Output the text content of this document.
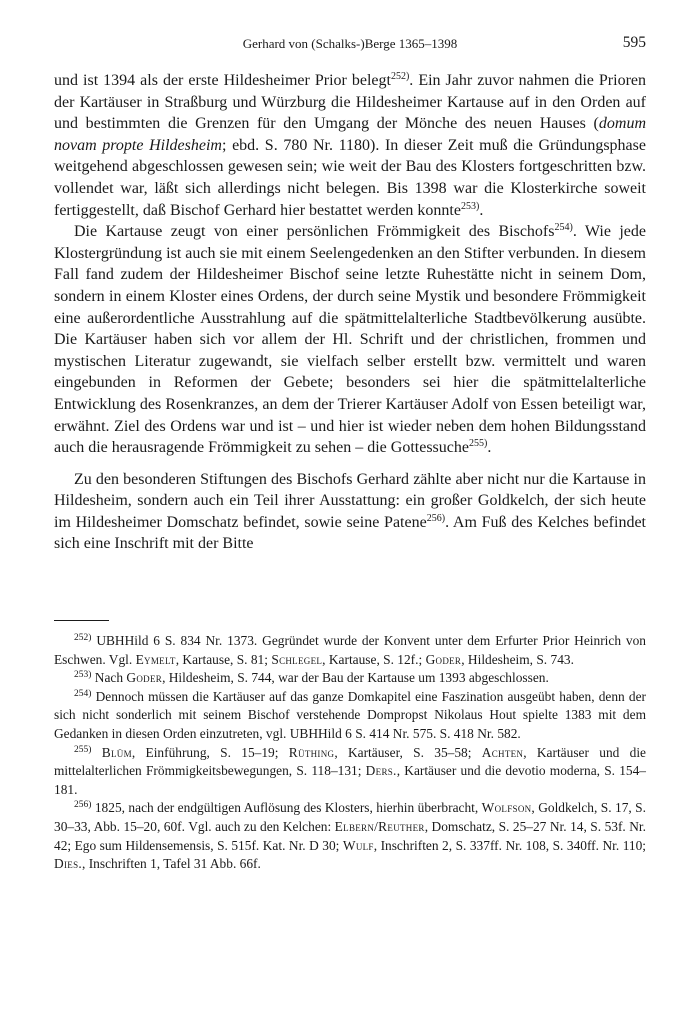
Gerhard von (Schalks-)Berge 1365–1398	595

und ist 1394 als der erste Hildesheimer Prior belegt$^{252)}$. Ein Jahr zuvor nahmen die Prioren der Kartäuser in Straßburg und Würzburg die Hildesheimer Kartause auf in den Orden auf und bestimmten die Grenzen für den Umgang der Mönche des neuen Hauses (domum novam propte Hildesheim; ebd. S. 780 Nr. 1180). In dieser Zeit muß die Gründungsphase weitgehend abgeschlossen gewesen sein; wie weit der Bau des Klosters fortgeschritten bzw. vollendet war, läßt sich allerdings nicht belegen. Bis 1398 war die Klosterkirche soweit fertiggestellt, daß Bischof Gerhard hier bestattet werden konnte$^{253)}$.

Die Kartause zeugt von einer persönlichen Frömmigkeit des Bischofs$^{254)}$. Wie jede Klostergründung ist auch sie mit einem Seelengedenken an den Stifter verbunden. In diesem Fall fand zudem der Hildesheimer Bischof seine letzte Ruhestätte nicht in seinem Dom, sondern in einem Kloster eines Ordens, der durch seine Mystik und besondere Frömmigkeit eine außerordentliche Ausstrahlung auf die spätmittelalterliche Stadtbevölkerung ausübte. Die Kartäuser haben sich vor allem der Hl. Schrift und der christlichen, frommen und mystischen Literatur zugewandt, sie vielfach selber erstellt bzw. vermittelt und waren eingebunden in Reformen der Gebete; besonders sei hier die spätmittelalterliche Entwicklung des Rosenkranzes, an dem der Trierer Kartäuser Adolf von Essen beteiligt war, erwähnt. Ziel des Ordens war und ist – und hier ist wieder neben dem hohen Bildungsstand auch die herausragende Frömmigkeit zu sehen – die Gottessuche$^{255)}$.

Zu den besonderen Stiftungen des Bischofs Gerhard zählte aber nicht nur die Kartause in Hildesheim, sondern auch ein Teil ihrer Ausstattung: ein großer Goldkelch, der sich heute im Hildesheimer Domschatz befindet, sowie seine Patene$^{256)}$. Am Fuß des Kelches befindet sich eine Inschrift mit der Bitte

$^{252)}$ UBHHild 6 S. 834 Nr. 1373. Gegründet wurde der Konvent unter dem Erfurter Prior Heinrich von Eschwen. Vgl. Eymelt, Kartause, S. 81; Schlegel, Kartause, S. 12f.; Goder, Hildesheim, S. 743.

$^{253)}$ Nach Goder, Hildesheim, S. 744, war der Bau der Kartause um 1393 abgeschlossen.

$^{254)}$ Dennoch müssen die Kartäuser auf das ganze Domkapitel eine Faszination ausgeübt haben, denn der sich nicht sonderlich mit seinem Bischof verstehende Dompropst Nikolaus Hout spielte 1383 mit dem Gedanken in diesen Orden einzutreten, vgl. UBHHild 6 S. 414 Nr. 575. S. 418 Nr. 582.

$^{255)}$ Blüm, Einführung, S. 15–19; Rüthing, Kartäuser, S. 35–58; Achten, Kartäuser und die mittelalterlichen Frömmigkeitsbewegungen, S. 118–131; Ders., Kartäuser und die devotio moderna, S. 154–181.

$^{256)}$ 1825, nach der endgültigen Auflösung des Klosters, hierhin überbracht, Wolfson, Goldkelch, S. 17, S. 30–33, Abb. 15–20, 60f. Vgl. auch zu den Kelchen: Elbern/Reuther, Domschatz, S. 25–27 Nr. 14, S. 53f. Nr. 42; Ego sum Hildensemensis, S. 515f. Kat. Nr. D 30; Wulf, Inschriften 2, S. 337ff. Nr. 108, S. 340ff. Nr. 110; Dies., Inschriften 1, Tafel 31 Abb. 66f.
